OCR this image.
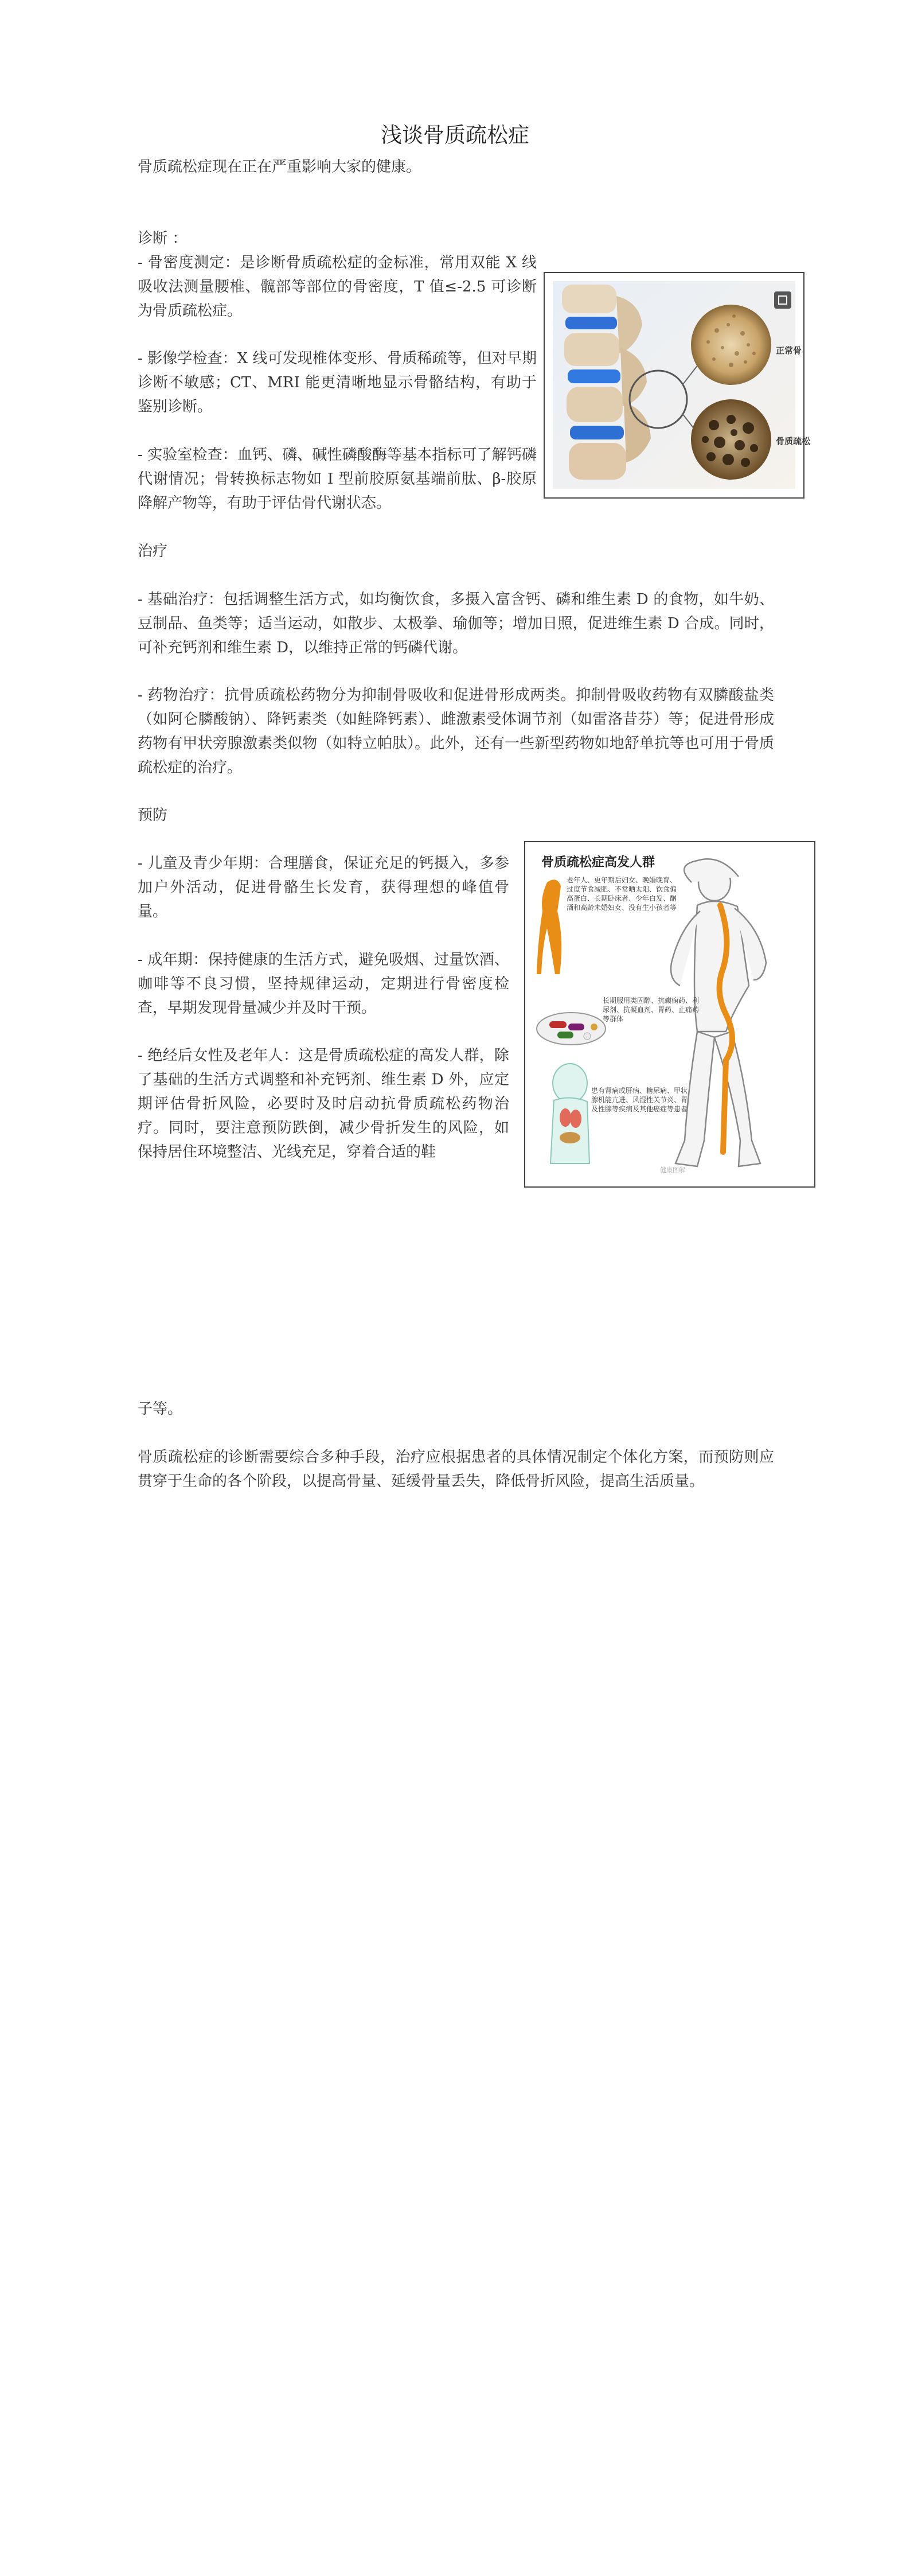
浅谈骨质疏松症
骨质疏松症现在正在严重影响大家的健康。
诊断 ：
- 骨密度测定：是诊断骨质疏松症的金标准，常用双能 X 线吸收法测量腰椎、髋部等部位的骨密度，T 值≤-2.5 可诊断为骨质疏松症。
- 影像学检查：X 线可发现椎体变形、骨质稀疏等，但对早期诊断不敏感；CT、MRI 能更清晰地显示骨骼结构，有助于鉴别诊断。
- 实验室检查：血钙、磷、碱性磷酸酶等基本指标可了解钙磷代谢情况；骨转换标志物如 I 型前胶原氨基端前肽、β-胶原降解产物等，有助于评估骨代谢状态。
正常骨
骨质疏松
治疗
- 基础治疗：包括调整生活方式，如均衡饮食，多摄入富含钙、磷和维生素 D 的食物，如牛奶、豆制品、鱼类等；适当运动，如散步、太极拳、瑜伽等；增加日照，促进维生素 D 合成。同时，可补充钙剂和维生素 D，以维持正常的钙磷代谢。
- 药物治疗：抗骨质疏松药物分为抑制骨吸收和促进骨形成两类。抑制骨吸收药物有双膦酸盐类（如阿仑膦酸钠）、降钙素类（如鲑降钙素）、雌激素受体调节剂（如雷洛昔芬）等；促进骨形成药物有甲状旁腺激素类似物（如特立帕肽）。此外，还有一些新型药物如地舒单抗等也可用于骨质疏松症的治疗。
预防
- 儿童及青少年期：合理膳食，保证充足的钙摄入，多参加户外活动，促进骨骼生长发育，获得理想的峰值骨量。
- 成年期：保持健康的生活方式，避免吸烟、过量饮酒、咖啡等不良习惯，坚持规律运动，定期进行骨密度检查，早期发现骨量减少并及时干预。
- 绝经后女性及老年人：这是骨质疏松症的高发人群，除了基础的生活方式调整和补充钙剂、维生素 D 外，应定期评估骨折风险，必要时及时启动抗骨质疏松药物治疗。同时，要注意预防跌倒，减少骨折发生的风险，如保持居住环境整洁、光线充足，穿着合适的鞋
骨质疏松症高发人群
老年人、更年期后妇女、晚婚晚育、过度节食减肥、不常晒太阳、饮食偏高蛋白、长期卧床者、少年白发、酗酒和高龄未婚妇女、没有生小孩者等
长期服用类固醇、抗癫痫药、利尿剂、抗凝血剂、胃药、止痛药等群体
患有肾病或肝病、糖尿病、甲状腺机能亢进、风湿性关节炎、胃及性腺等疾病及其他癌症等患者
健康图解
子等。
骨质疏松症的诊断需要综合多种手段，治疗应根据患者的具体情况制定个体化方案，而预防则应贯穿于生命的各个阶段，以提高骨量、延缓骨量丢失，降低骨折风险，提高生活质量。
